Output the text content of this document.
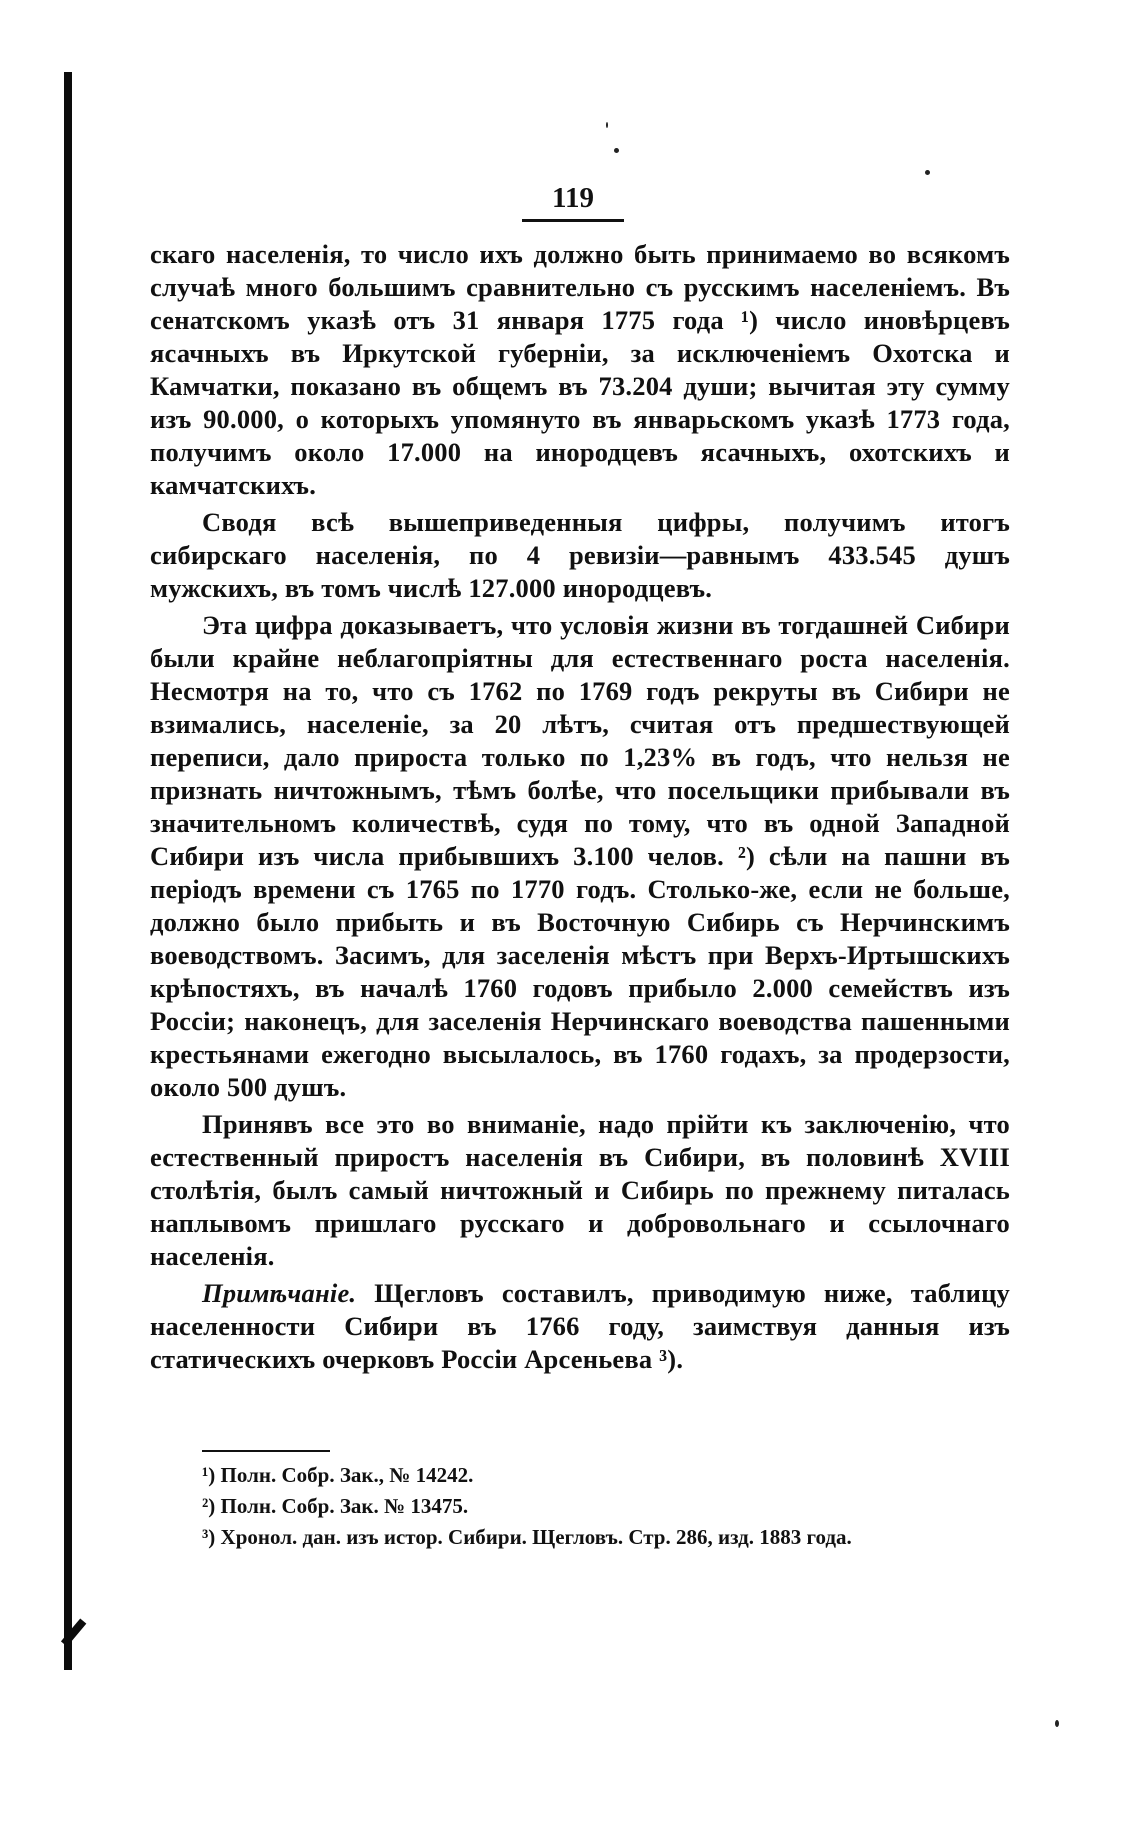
119

скаго населенія, то число ихъ должно быть принимаемо во всякомъ случаѣ много большимъ сравнительно съ русскимъ населеніемъ. Въ сенатскомъ указѣ отъ 31 января 1775 года ¹) число иновѣрцевъ ясачныхъ въ Иркутской губерніи, за исключеніемъ Охотска и Камчатки, показано въ общемъ въ 73.204 души; вычитая эту сумму изъ 90.000, о которыхъ упомянуто въ январьскомъ указѣ 1773 года, получимъ около 17.000 на инородцевъ ясачныхъ, охотскихъ и камчатскихъ.

Сводя всѣ вышеприведенныя цифры, получимъ итогъ сибирскаго населенія, по 4 ревизіи—равнымъ 433.545 душъ мужскихъ, въ томъ числѣ 127.000 инородцевъ.

Эта цифра доказываетъ, что условія жизни въ тогдашней Сибири были крайне неблагопріятны для естественнаго роста населенія. Несмотря на то, что съ 1762 по 1769 годъ рекруты въ Сибири не взимались, населеніе, за 20 лѣтъ, считая отъ предшествующей переписи, дало прироста только по 1,23% въ годъ, что нельзя не признать ничтожнымъ, тѣмъ болѣе, что посельщики прибывали въ значительномъ количествѣ, судя по тому, что въ одной Западной Сибири изъ числа прибывшихъ 3.100 челов. ²) сѣли на пашни въ періодъ времени съ 1765 по 1770 годъ. Столько-же, если не больше, должно было прибыть и въ Восточную Сибирь съ Нерчинскимъ воеводствомъ. Засимъ, для заселенія мѣстъ при Верхъ-Иртышскихъ крѣпостяхъ, въ началѣ 1760 годовъ прибыло 2.000 семействъ изъ Россіи; наконецъ, для заселенія Нерчинскаго воеводства пашенными крестьянами ежегодно высылалось, въ 1760 годахъ, за продерзости, около 500 душъ.

Принявъ все это во вниманіе, надо прійти къ заключенію, что естественный приростъ населенія въ Сибири, въ половинѣ XVIII столѣтія, былъ самый ничтожный и Сибирь по прежнему питалась наплывомъ пришлаго русскаго и добровольнаго и ссылочнаго населенія.

Примѣчаніе. Щегловъ составилъ, приводимую ниже, таблицу населенности Сибири въ 1766 году, заимствуя данныя изъ статическихъ очерковъ Россіи Арсеньева ³).

¹) Полн. Собр. Зак., № 14242.
²) Полн. Собр. Зак. № 13475.
³) Хронол. дан. изъ истор. Сибири. Щегловъ. Стр. 286, изд. 1883 года.
